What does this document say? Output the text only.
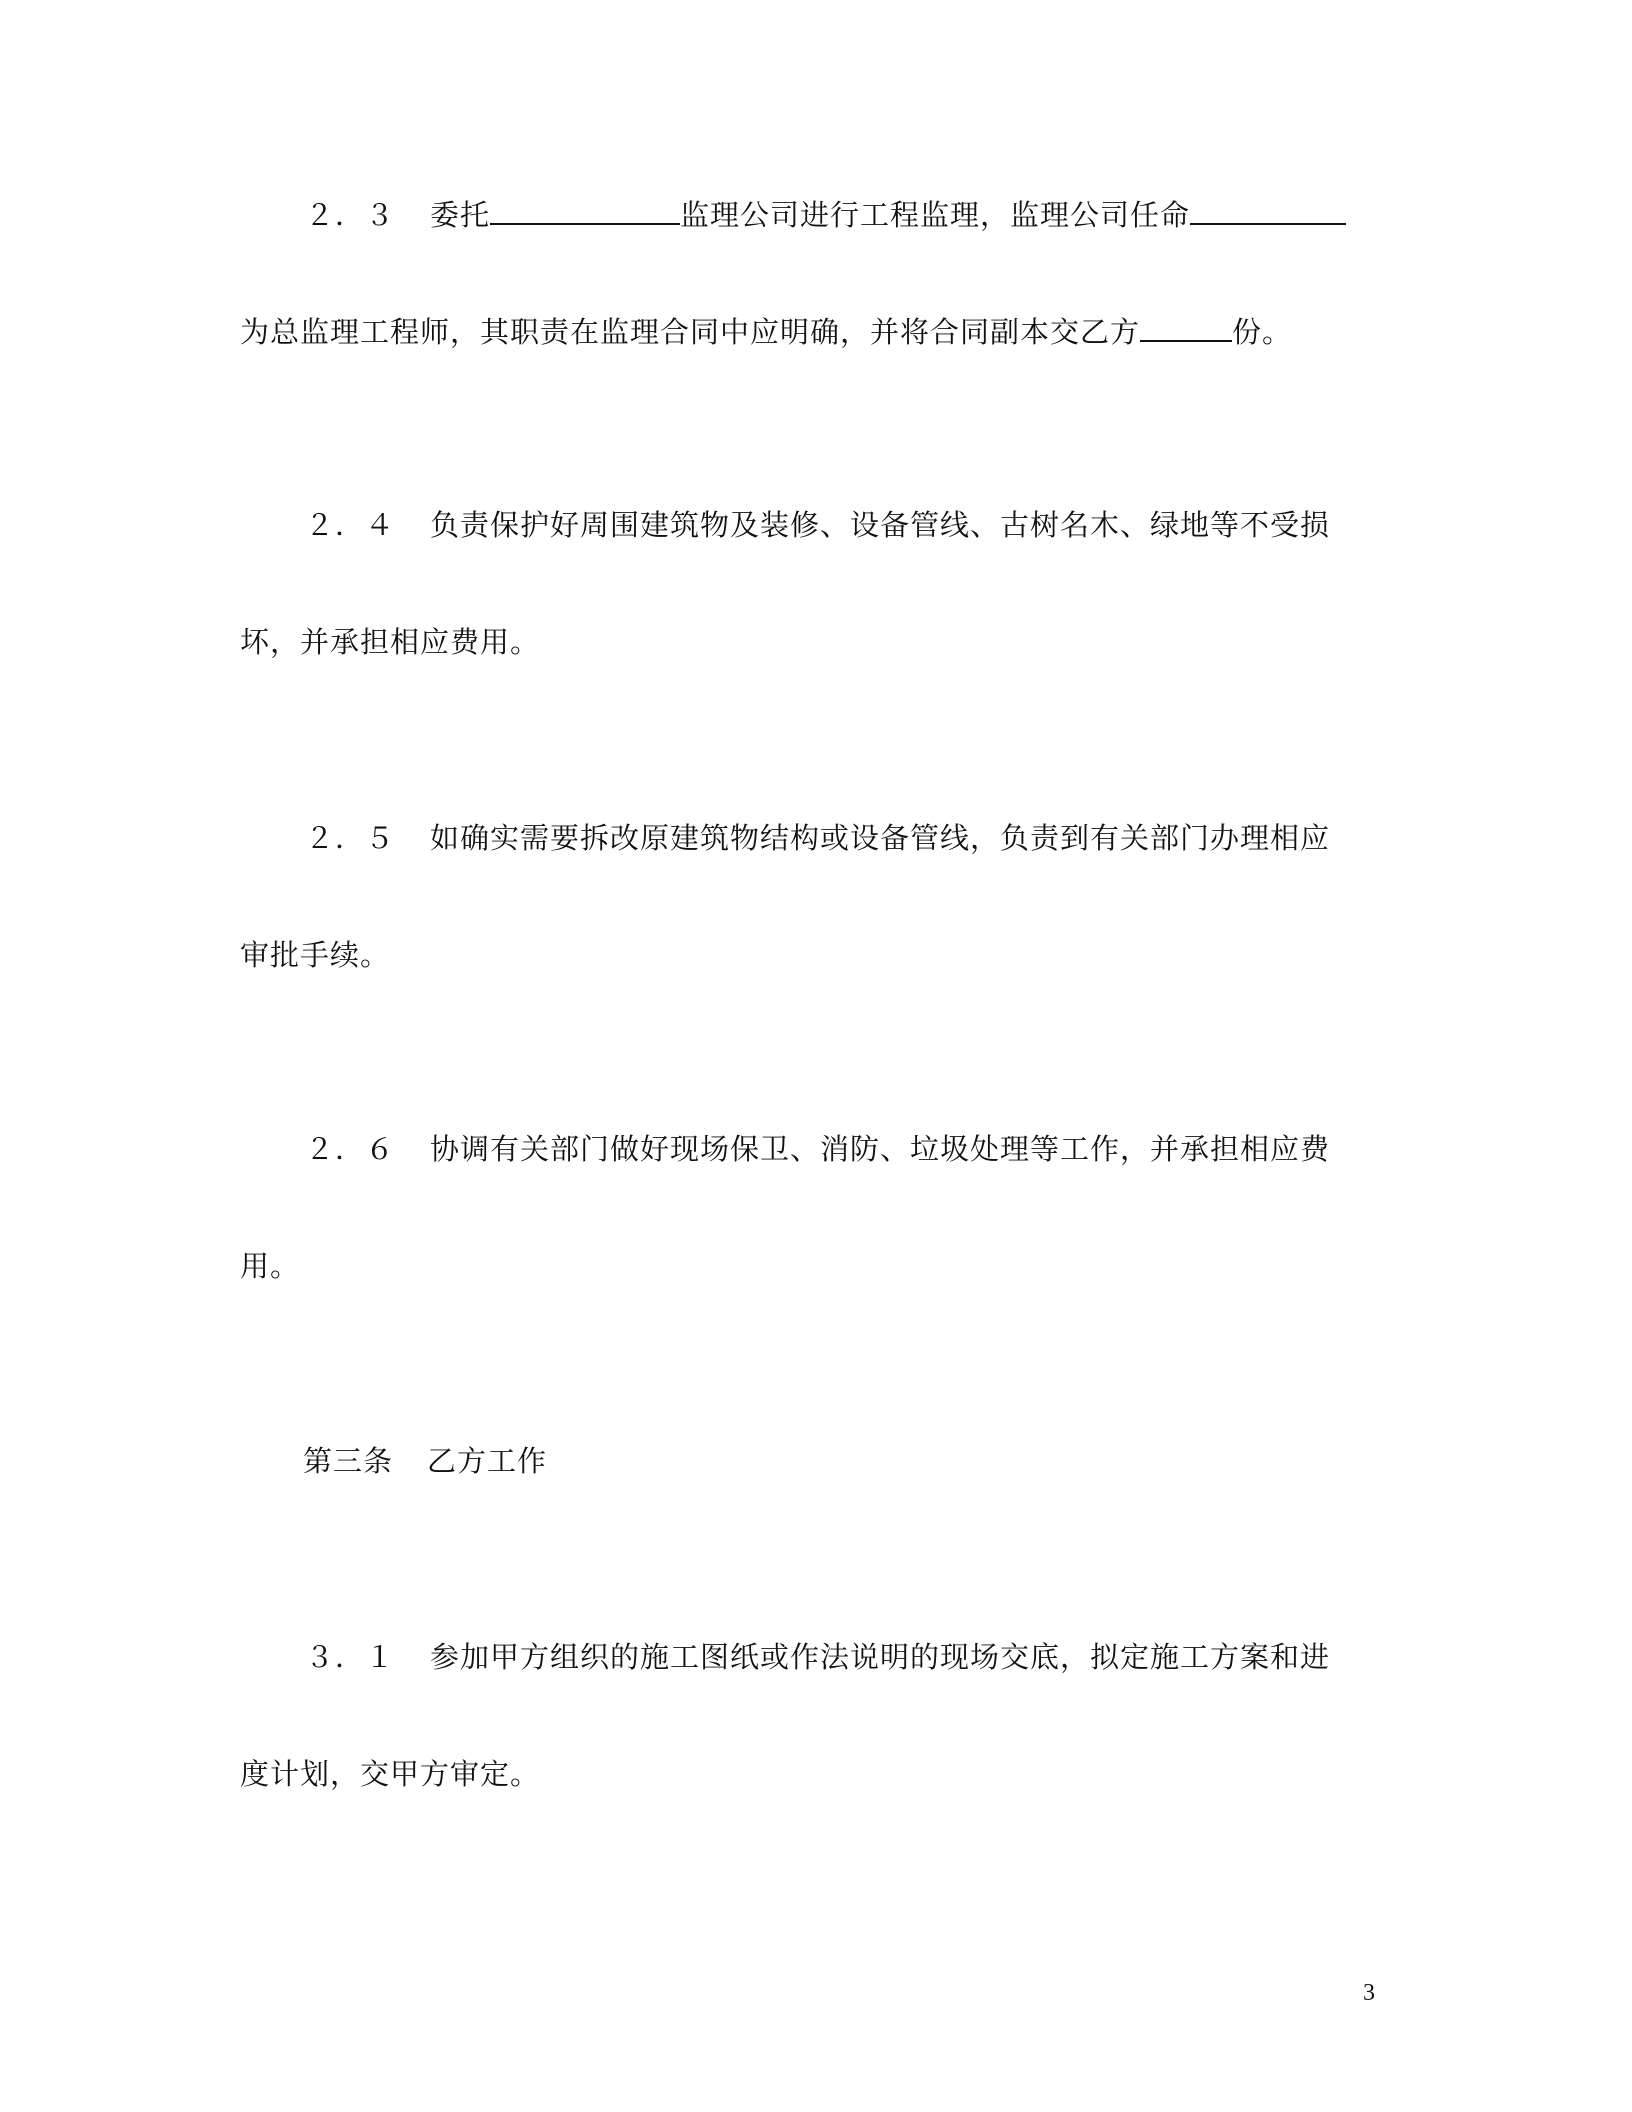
２．３ 委托	监理公司进行工程监理，监理公司任命
为总监理工程师，其职责在监理合同中应明确，并将合同副本交乙方	份。
２．４ 负责保护好周围建筑物及装修、设备管线、古树名木、绿地等不受损
坏，并承担相应费用。
２．５ 如确实需要拆改原建筑物结构或设备管线，负责到有关部门办理相应
审批手续。
２．６ 协调有关部门做好现场保卫、消防、垃圾处理等工作，并承担相应费
用。
第三条 乙方工作
３．１ 参加甲方组织的施工图纸或作法说明的现场交底，拟定施工方案和进
度计划，交甲方审定。
3
